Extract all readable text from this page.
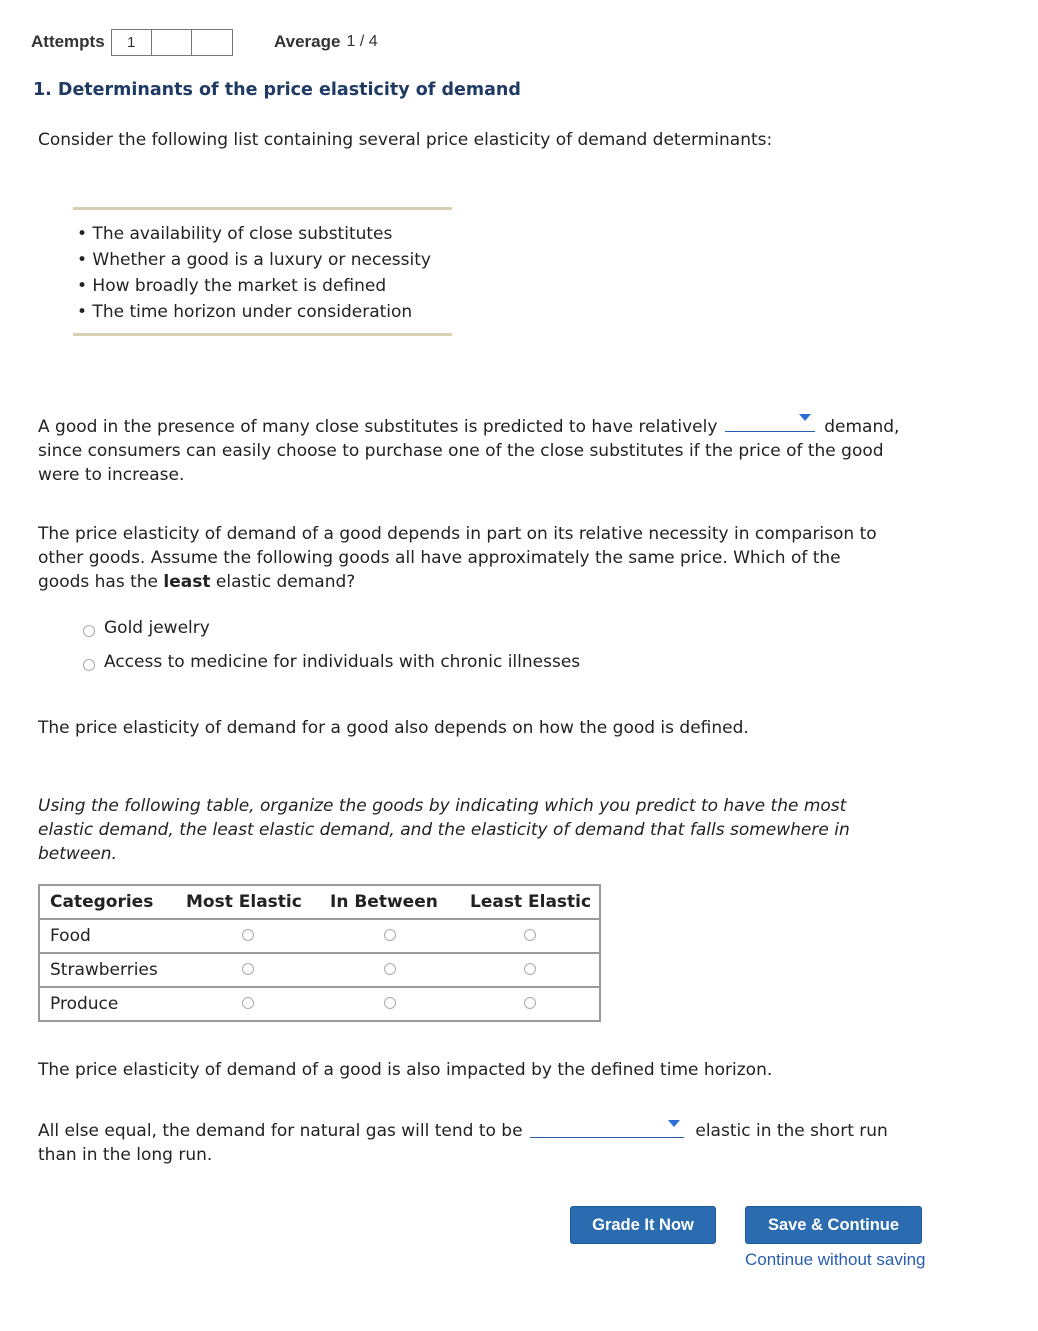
Attempts	1	Average 1 / 4
1. Determinants of the price elasticity of demand
Consider the following list containing several price elasticity of demand determinants:
• The availability of close substitutes
• Whether a good is a luxury or necessity
• How broadly the market is defined
• The time horizon under consideration
A good in the presence of many close substitutes is predicted to have relatively	demand,
since consumers can easily choose to purchase one of the close substitutes if the price of the good
were to increase.
The price elasticity of demand of a good depends in part on its relative necessity in comparison to
other goods. Assume the following goods all have approximately the same price. Which of the
goods has the least elastic demand?
Gold jewelry
Access to medicine for individuals with chronic illnesses
The price elasticity of demand for a good also depends on how the good is defined.
Using the following table, organize the goods by indicating which you predict to have the most
elastic demand, the least elastic demand, and the elasticity of demand that falls somewhere in
between.
Categories	Most Elastic	In Between	Least Elastic
Food			
Strawberries			
Produce			
The price elasticity of demand of a good is also impacted by the defined time horizon.
All else equal, the demand for natural gas will tend to be	elastic in the short run
than in the long run.
Grade It Now	Save & Continue
Continue without saving
